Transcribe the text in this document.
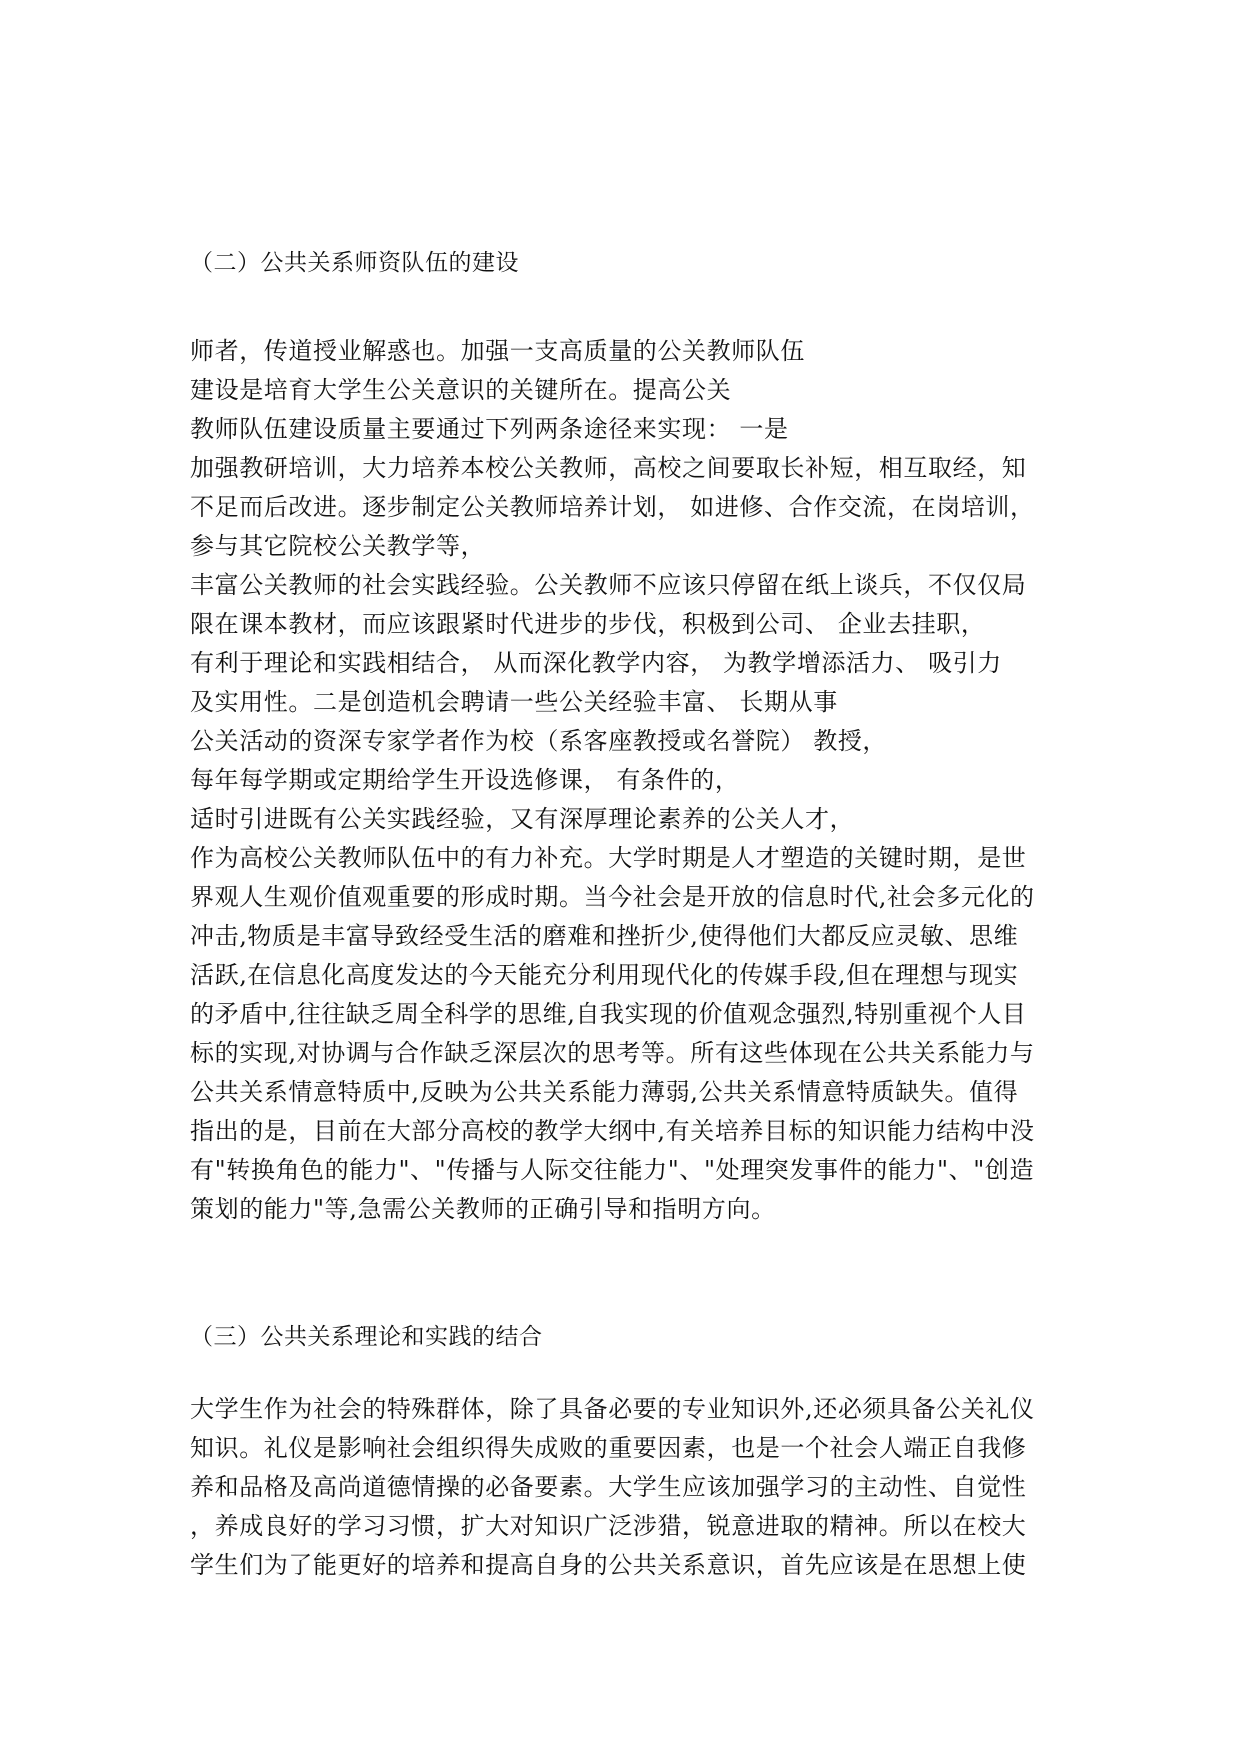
（二）公共关系师资队伍的建设
师者，传道授业解惑也。加强一支高质量的公关教师队伍
建设是培育大学生公关意识的关键所在。提高公关
教师队伍建设质量主要通过下列两条途径来实现： 一是
加强教研培训，大力培养本校公关教师，高校之间要取长补短，相互取经，知
不足而后改进。逐步制定公关教师培养计划， 如进修、合作交流，在岗培训，
参与其它院校公关教学等，
丰富公关教师的社会实践经验。公关教师不应该只停留在纸上谈兵，不仅仅局
限在课本教材，而应该跟紧时代进步的步伐，积极到公司、 企业去挂职，
有利于理论和实践相结合， 从而深化教学内容， 为教学增添活力、 吸引力
及实用性。二是创造机会聘请一些公关经验丰富、 长期从事
公关活动的资深专家学者作为校（系客座教授或名誉院） 教授，
每年每学期或定期给学生开设选修课， 有条件的，
适时引进既有公关实践经验，又有深厚理论素养的公关人才，
作为高校公关教师队伍中的有力补充。大学时期是人才塑造的关键时期，是世
界观人生观价值观重要的形成时期。当今社会是开放的信息时代,社会多元化的
冲击,物质是丰富导致经受生活的磨难和挫折少,使得他们大都反应灵敏、思维
活跃,在信息化高度发达的今天能充分利用现代化的传媒手段,但在理想与现实
的矛盾中,往往缺乏周全科学的思维,自我实现的价值观念强烈,特别重视个人目
标的实现,对协调与合作缺乏深层次的思考等。所有这些体现在公共关系能力与
公共关系情意特质中,反映为公共关系能力薄弱,公共关系情意特质缺失。值得
指出的是，目前在大部分高校的教学大纲中,有关培养目标的知识能力结构中没
有"转换角色的能力"、"传播与人际交往能力"、"处理突发事件的能力"、"创造
策划的能力"等,急需公关教师的正确引导和指明方向。
（三）公共关系理论和实践的结合
大学生作为社会的特殊群体，除了具备必要的专业知识外,还必须具备公关礼仪
知识。礼仪是影响社会组织得失成败的重要因素，也是一个社会人端正自我修
养和品格及高尚道德情操的必备要素。大学生应该加强学习的主动性、自觉性
，养成良好的学习习惯，扩大对知识广泛涉猎，锐意进取的精神。所以在校大
学生们为了能更好的培养和提高自身的公共关系意识，首先应该是在思想上使
